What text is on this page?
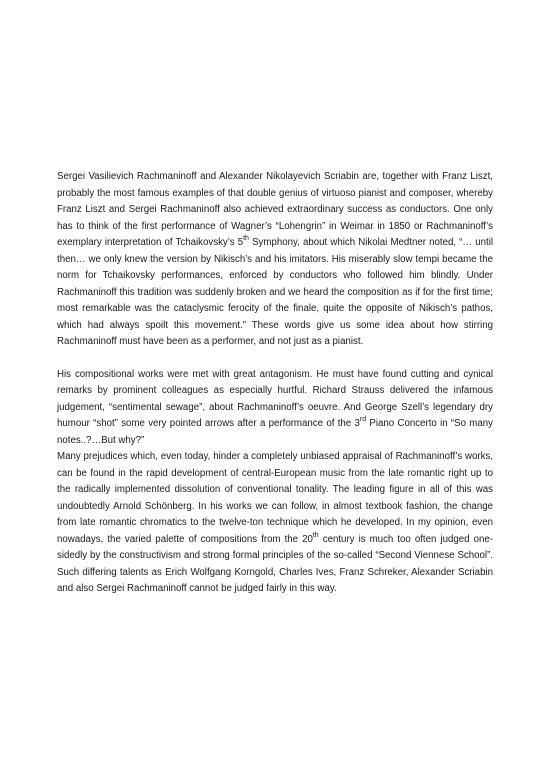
Sergei Vasilievich Rachmaninoff and Alexander Nikolayevich Scriabin are, together with Franz Liszt, probably the most famous examples of that double genius of virtuoso pianist and composer, whereby Franz Liszt and Sergei Rachmaninoff also achieved extraordinary success as conductors. One only has to think of the first performance of Wagner’s “Lohengrin” in Weimar in 1850 or Rachmaninoff’s exemplary interpretation of Tchaikovsky’s 5th Symphony, about which Nikolai Medtner noted, “… until then… we only knew the version by Nikisch’s and his imitators. His miserably slow tempi became the norm for Tchaikovsky performances, enforced by conductors who followed him blindly. Under Rachmaninoff this tradition was suddenly broken and we heard the composition as if for the first time; most remarkable was the cataclysmic ferocity of the finale, quite the opposite of Nikisch’s pathos, which had always spoilt this movement.” These words give us some idea about how stirring Rachmaninoff must have been as a performer, and not just as a pianist.

His compositional works were met with great antagonism. He must have found cutting and cynical remarks by prominent colleagues as especially hurtful. Richard Strauss delivered the infamous judgement, “sentimental sewage”, about Rachmaninoff’s oeuvre. And George Szell’s legendary dry humour “shot” some very pointed arrows after a performance of the 3rd Piano Concerto in “So many notes..?…But why?”

Many prejudices which, even today, hinder a completely unbiased appraisal of Rachmaninoff’s works, can be found in the rapid development of central-European music from the late romantic right up to the radically implemented dissolution of conventional tonality. The leading figure in all of this was undoubtedly Arnold Schönberg. In his works we can follow, in almost textbook fashion, the change from late romantic chromatics to the twelve-ton technique which he developed. In my opinion, even nowadays, the varied palette of compositions from the 20th century is much too often judged one-sidedly by the constructivism and strong formal principles of the so-called “Second Viennese School”. Such differing talents as Erich Wolfgang Korngold, Charles Ives, Franz Schreker, Alexander Scriabin and also Sergei Rachmaninoff cannot be judged fairly in this way.
